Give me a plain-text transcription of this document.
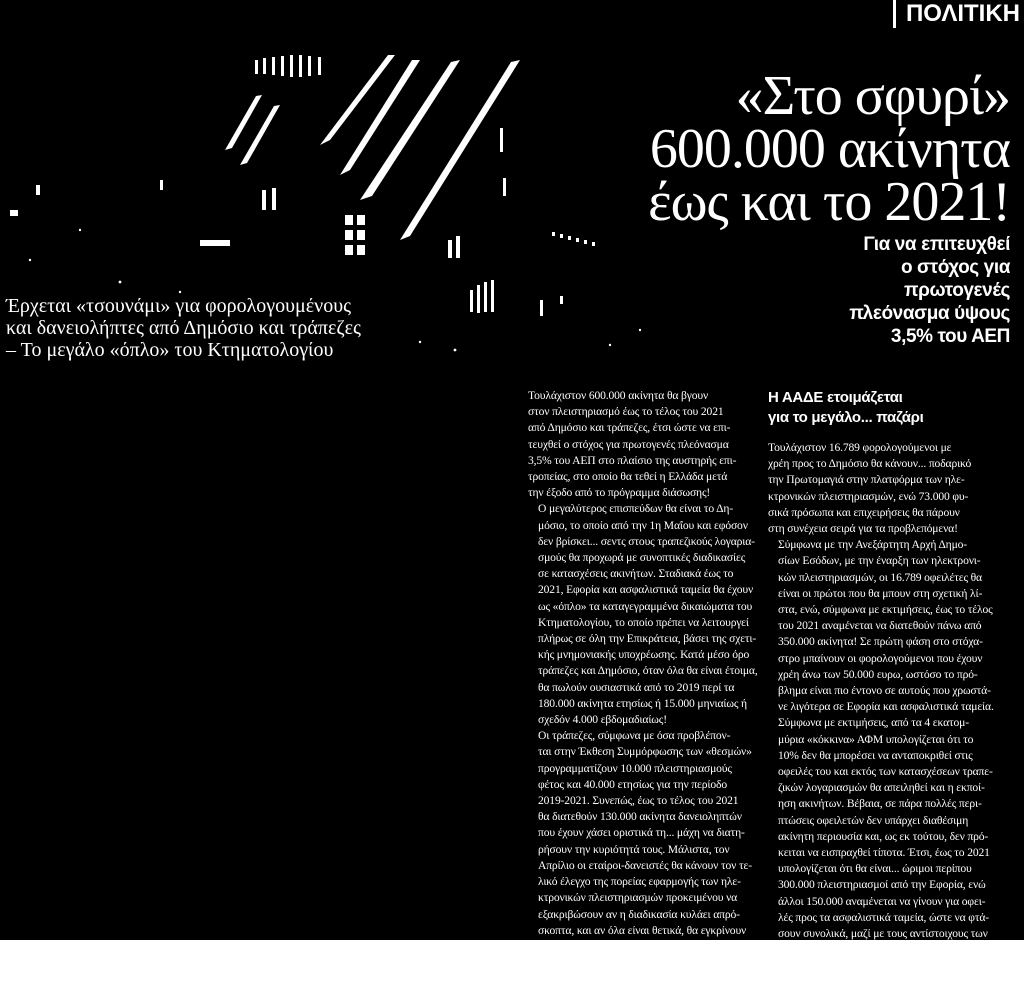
ΠΟΛΙΤΙΚΗ
«Στο σφυρί»
600.000 ακίνητα
έως και το 2021!
Για να επιτευχθεί
ο στόχος για
πρωτογενές
πλεόνασμα ύψους
3,5% του ΑΕΠ
Έρχεται «τσουνάμι» για φορολογουμένους
και δανειολήπτες από Δημόσιο και τράπεζες
– Το μεγάλο «όπλο» του Κτηματολογίου

Τουλάχιστον 600.000 ακίνητα θα βγουν
στον πλειστηριασμό έως το τέλος του 2021
από Δημόσιο και τράπεζες, έτσι ώστε να επι-
τευχθεί ο στόχος για πρωτογενές πλεόνασμα
3,5% του ΑΕΠ στο πλαίσιο της αυστηρής επι-
τροπείας, στο οποίο θα τεθεί η Ελλάδα μετά
την έξοδο από το πρόγραμμα διάσωσης!

Ο μεγαλύτερος επισπεύδων θα είναι το Δη-
μόσιο, το οποίο από την 1η Μαΐου και εφόσον
δεν βρίσκει... σεντς στους τραπεζικούς λογαρια-
σμούς θα προχωρά με συνοπτικές διαδικασίες
σε κατασχέσεις ακινήτων. Σταδιακά έως το
2021, Εφορία και ασφαλιστικά ταμεία θα έχουν
ως «όπλο» τα καταγεγραμμένα δικαιώματα του
Κτηματολογίου, το οποίο πρέπει να λειτουργεί
πλήρως σε όλη την Επικράτεια, βάσει της σχετι-
κής μνημονιακής υποχρέωσης. Κατά μέσο όρο
τράπεζες και Δημόσιο, όταν όλα θα είναι έτοιμα,
θα πωλούν ουσιαστικά από το 2019 περί τα
180.000 ακίνητα ετησίως ή 15.000 μηνιαίως ή
σχεδόν 4.000 εβδομαδιαίως!

Οι τράπεζες, σύμφωνα με όσα προβλέπον-
ται στην Έκθεση Συμμόρφωσης των «θεσμών»
προγραμματίζουν 10.000 πλειστηριασμούς
φέτος και 40.000 ετησίως για την περίοδο
2019-2021. Συνεπώς, έως το τέλος του 2021
θα διατεθούν 130.000 ακίνητα δανειοληπτών
που έχουν χάσει οριστικά τη... μάχη να διατη-
ρήσουν την κυριότητά τους. Μάλιστα, τον
Απρίλιο οι εταίροι-δανειστές θα κάνουν τον τε-
λικό έλεγχο της πορείας εφαρμογής των ηλε-
κτρονικών πλειστηριασμών προκειμένου να
εξακριβώσουν αν η διαδικασία κυλάει απρό-
σκοπτα, και αν όλα είναι θετικά, θα εγκρίνουν
και την τελευταία υποδόση της μεγάλης δόσης
των 6,7 δισ. ευρώ.

Η ΑΑΔΕ ετοιμάζεται
για το μεγάλο... παζάρι

Τουλάχιστον 16.789 φορολογούμενοι με
χρέη προς το Δημόσιο θα κάνουν... ποδαρικό
την Πρωτομαγιά στην πλατφόρμα των ηλε-
κτρονικών πλειστηριασμών, ενώ 73.000 φυ-
σικά πρόσωπα και επιχειρήσεις θα πάρουν
στη συνέχεια σειρά για τα προβλεπόμενα!

Σύμφωνα με την Ανεξάρτητη Αρχή Δημο-
σίων Εσόδων, με την έναρξη των ηλεκτρονι-
κών πλειστηριασμών, οι 16.789 οφειλέτες θα
είναι οι πρώτοι που θα μπουν στη σχετική λί-
στα, ενώ, σύμφωνα με εκτιμήσεις, έως το τέλος
του 2021 αναμένεται να διατεθούν πάνω από
350.000 ακίνητα! Σε πρώτη φάση στο στόχα-
στρο μπαίνουν οι φορολογούμενοι που έχουν
χρέη άνω των 50.000 ευρω, ωστόσο το πρό-
βλημα είναι πιο έντονο σε αυτούς που χρωστά-
νε λιγότερα σε Εφορία και ασφαλιστικά ταμεία.

Σύμφωνα με εκτιμήσεις, από τα 4 εκατομ-
μύρια «κόκκινα» ΑΦΜ υπολογίζεται ότι το
10% δεν θα μπορέσει να ανταποκριθεί στις
οφειλές του και εκτός των κατασχέσεων τραπε-
ζικών λογαριασμών θα απειληθεί και η εκποί-
ηση ακινήτων. Βέβαια, σε πάρα πολλές περι-
πτώσεις οφειλετών δεν υπάρχει διαθέσιμη
ακίνητη περιουσία και, ως εκ τούτου, δεν πρό-
κειται να εισπραχθεί τίποτα. Έτσι, έως το 2021
υπολογίζεται ότι θα είναι... ώριμοι περίπου
300.000 πλειστηριασμοί από την Εφορία, ενώ
άλλοι 150.000 αναμένεται να γίνουν για οφει-
λές προς τα ασφαλιστικά ταμεία, ώστε να φτά-
σουν συνολικά, μαζί με τους αντίστοιχους των
τραπεζών, τους 600.000!

Λουκάς Γεωργιάδης
